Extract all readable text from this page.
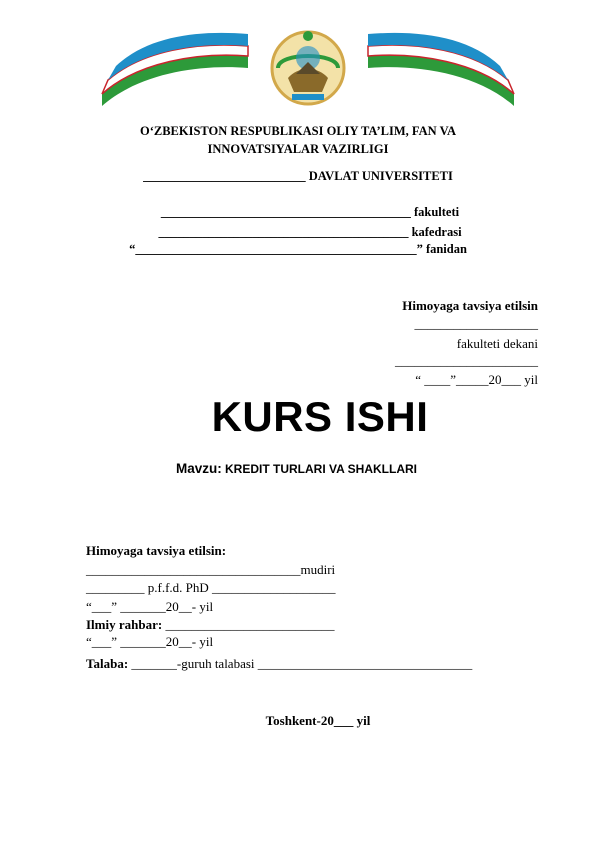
O‘ZBEKISTON RESPUBLIKASI OLIY TA’LIM, FAN VA
INNOVATSIYALAR VAZIRLIGI
__________________________ DAVLAT UNIVERSITETI
________________________________________ fakulteti
________________________________________ kafedrasi
“_____________________________________________” fanidan
Himoyaga tavsiya etilsin
___________________
fakulteti dekani
______________________
“ ____”_____20___ yil
KURS ISHI
Mavzu: KREDIT TURLARI VA SHAKLLARI
Himoyaga tavsiya etilsin:
_________________________________mudiri
_________ p.f.f.d. PhD ___________________
“___” _______20__- yil
Ilmiy rahbar: __________________________
“___” _______20__- yil
Talaba: _______-guruh talabasi _________________________________
Toshkent-20___ yil
